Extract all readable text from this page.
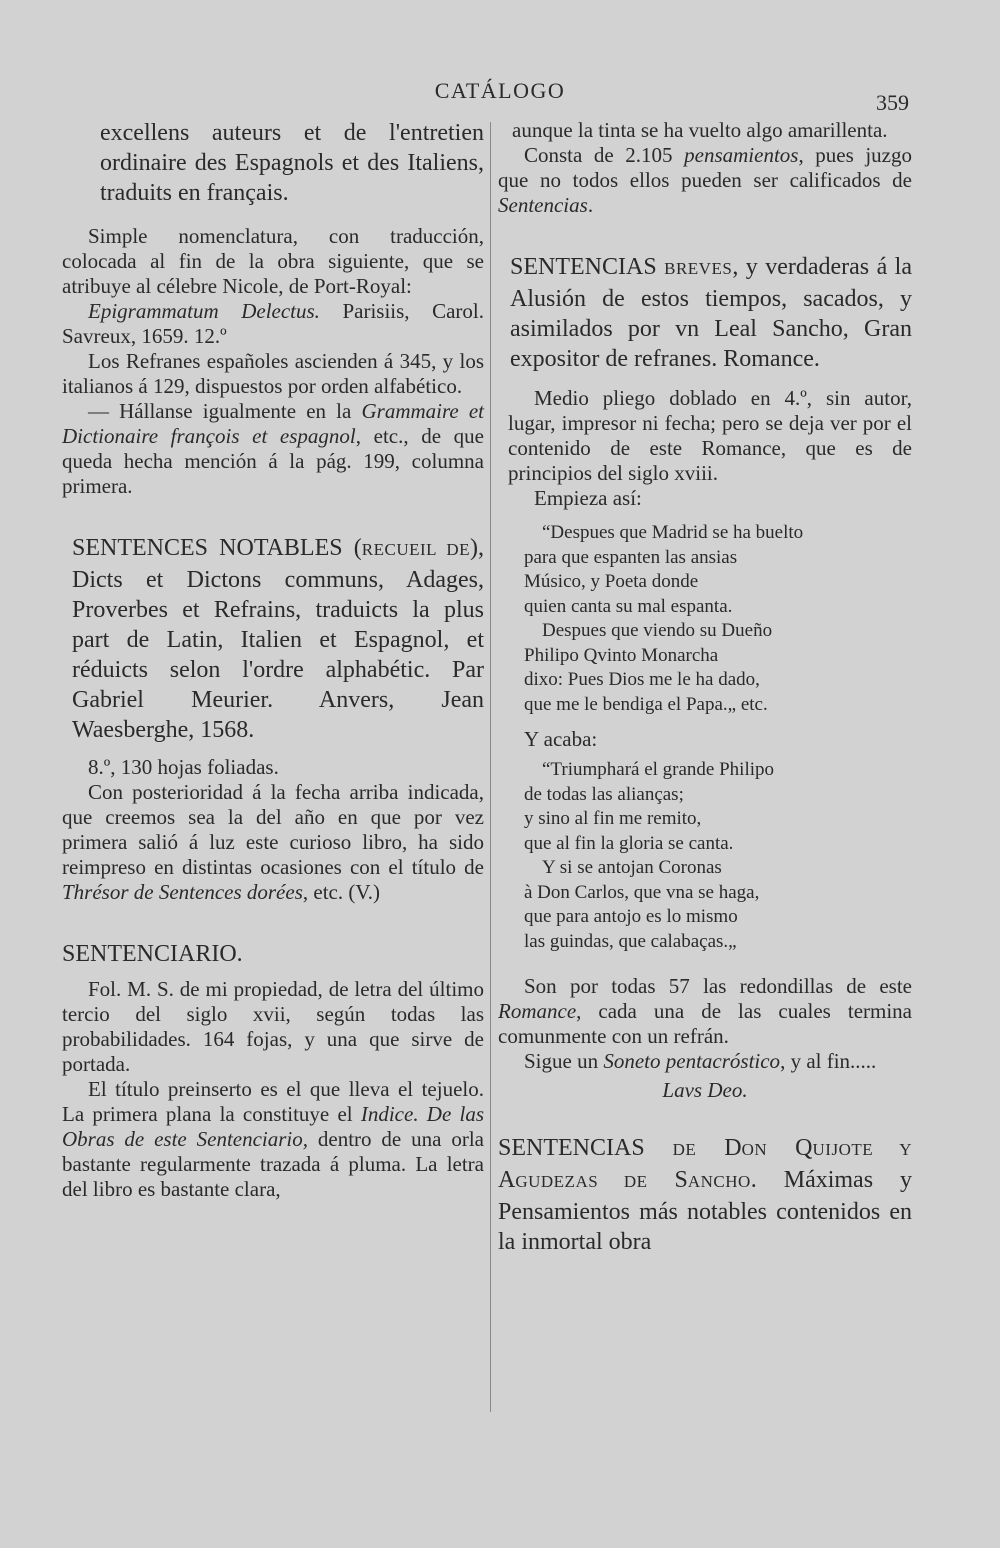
CATÁLOGO	359

excellens auteurs et de l'entretien ordinaire des Espagnols et des Italiens, traduits en français.

Simple nomenclatura, con traducción, colocada al fin de la obra siguiente, que se atribuye al célebre Nicole, de Port-Royal:

Epigrammatum Delectus. Parisiis, Carol. Savreux, 1659. 12.º

Los Refranes españoles ascienden á 345, y los italianos á 129, dispuestos por orden alfabético.

— Hállanse igualmente en la Grammaire et Dictionaire françois et espagnol, etc., de que queda hecha mención á la pág. 199, columna primera.

SENTENCES NOTABLES (RECUEIL DE), Dicts et Dictons communs, Adages, Proverbes et Refrains, traduicts la plus part de Latin, Italien et Espagnol, et réduicts selon l'ordre alphabétic. Par Gabriel Meurier. Anvers, Jean Waesberghe, 1568.

8.º, 130 hojas foliadas.

Con posterioridad á la fecha arriba indicada, que creemos sea la del año en que por vez primera salió á luz este curioso libro, ha sido reimpreso en distintas ocasiones con el título de Thrésor de Sentences dorées, etc. (V.)

SENTENCIARIO.

Fol. M. S. de mi propiedad, de letra del último tercio del siglo xvii, según todas las probabilidades. 164 fojas, y una que sirve de portada.

El título preinserto es el que lleva el tejuelo. La primera plana la constituye el Indice. De las Obras de este Sentenciario, dentro de una orla bastante regularmente trazada á pluma. La letra del libro es bastante clara,

aunque la tinta se ha vuelto algo amarillenta.

Consta de 2.105 pensamientos, pues juzgo que no todos ellos pueden ser calificados de Sentencias.

SENTENCIAS BREVES, y verdaderas á la Alusión de estos tiempos, sacados, y asimilados por vn Leal Sancho, Gran expositor de refranes. Romance.

Medio pliego doblado en 4.º, sin autor, lugar, impresor ni fecha; pero se deja ver por el contenido de este Romance, que es de principios del siglo xviii.

Empieza así:

“Despues que Madrid se ha buelto
para que espanten las ansias
Músico, y Poeta donde
quien canta su mal espanta.
Despues que viendo su Dueño
Philipo Qvinto Monarcha
dixo: Pues Dios me le ha dado,
que me le bendiga el Papa.„ etc.

Y acaba:

“Triumphará el grande Philipo
de todas las alianças;
y sino al fin me remito,
que al fin la gloria se canta.
Y si se antojan Coronas
à Don Carlos, que vna se haga,
que para antojo es lo mismo
las guindas, que calabaças.„

Son por todas 57 las redondillas de este Romance, cada una de las cuales termina comunmente con un refrán.

Sigue un Soneto pentacróstico, y al fin.....

Lavs Deo.

SENTENCIAS DE DON QUIJOTE Y AGUDEZAS DE SANCHO. Máximas y Pensamientos más notables contenidos en la inmortal obra
